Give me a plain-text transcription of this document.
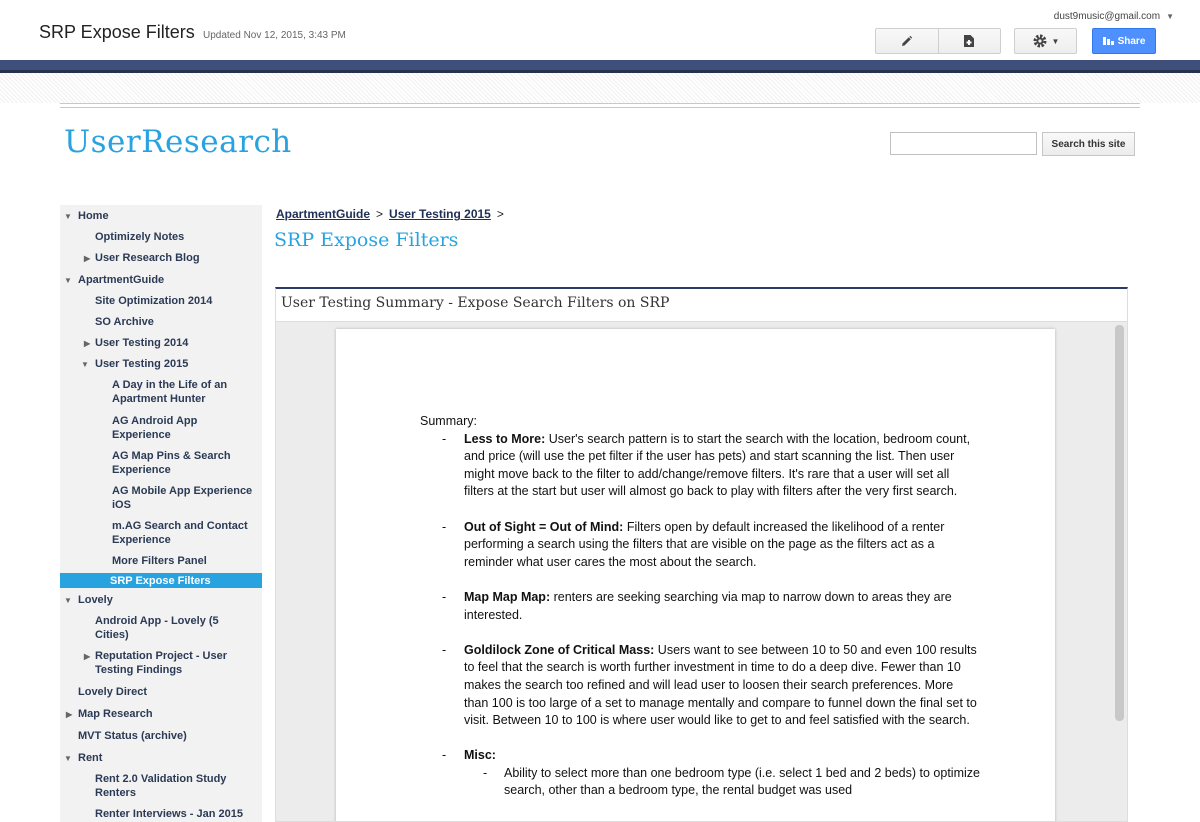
SRP Expose Filters Updated Nov 12, 2015, 3:43 PM
dust9music@gmail.com ▼
▼	Share
UserResearch	Search this site
▼ Home
Optimizely Notes
▶ User Research Blog
▼ ApartmentGuide
Site Optimization 2014
SO Archive
▶ User Testing 2014
▼ User Testing 2015
A Day in the Life of an Apartment Hunter
AG Android App Experience
AG Map Pins & Search Experience
AG Mobile App Experience iOS
m.AG Search and Contact Experience
More Filters Panel
SRP Expose Filters
▼ Lovely
Android App - Lovely (5 Cities)
▶ Reputation Project - User Testing Findings
Lovely Direct
▶ Map Research
MVT Status (archive)
▼ Rent
Rent 2.0 Validation Study Renters
Renter Interviews - Jan 2015
ApartmentGuide > User Testing 2015 >
SRP Expose Filters
User Testing Summary - Expose Search Filters on SRP
Summary:
- Less to More: User's search pattern is to start the search with the location, bedroom count, and price (will use the pet filter if the user has pets) and start scanning the list. Then user might move back to the filter to add/change/remove filters. It's rare that a user will set all filters at the start but user will almost go back to play with filters after the very first search.
- Out of Sight = Out of Mind: Filters open by default increased the likelihood of a renter performing a search using the filters that are visible on the page as the filters act as a reminder what user cares the most about the search.
- Map Map Map: renters are seeking searching via map to narrow down to areas they are interested.
- Goldilock Zone of Critical Mass: Users want to see between 10 to 50 and even 100 results to feel that the search is worth further investment in time to do a deep dive. Fewer than 10 makes the search too refined and will lead user to loosen their search preferences. More than 100 is too large of a set to manage mentally and compare to funnel down the final set to visit. Between 10 to 100 is where user would like to get to and feel satisfied with the search.
- Misc:
- Ability to select more than one bedroom type (i.e. select 1 bed and 2 beds) to optimize search, other than a bedroom type, the rental budget was used
